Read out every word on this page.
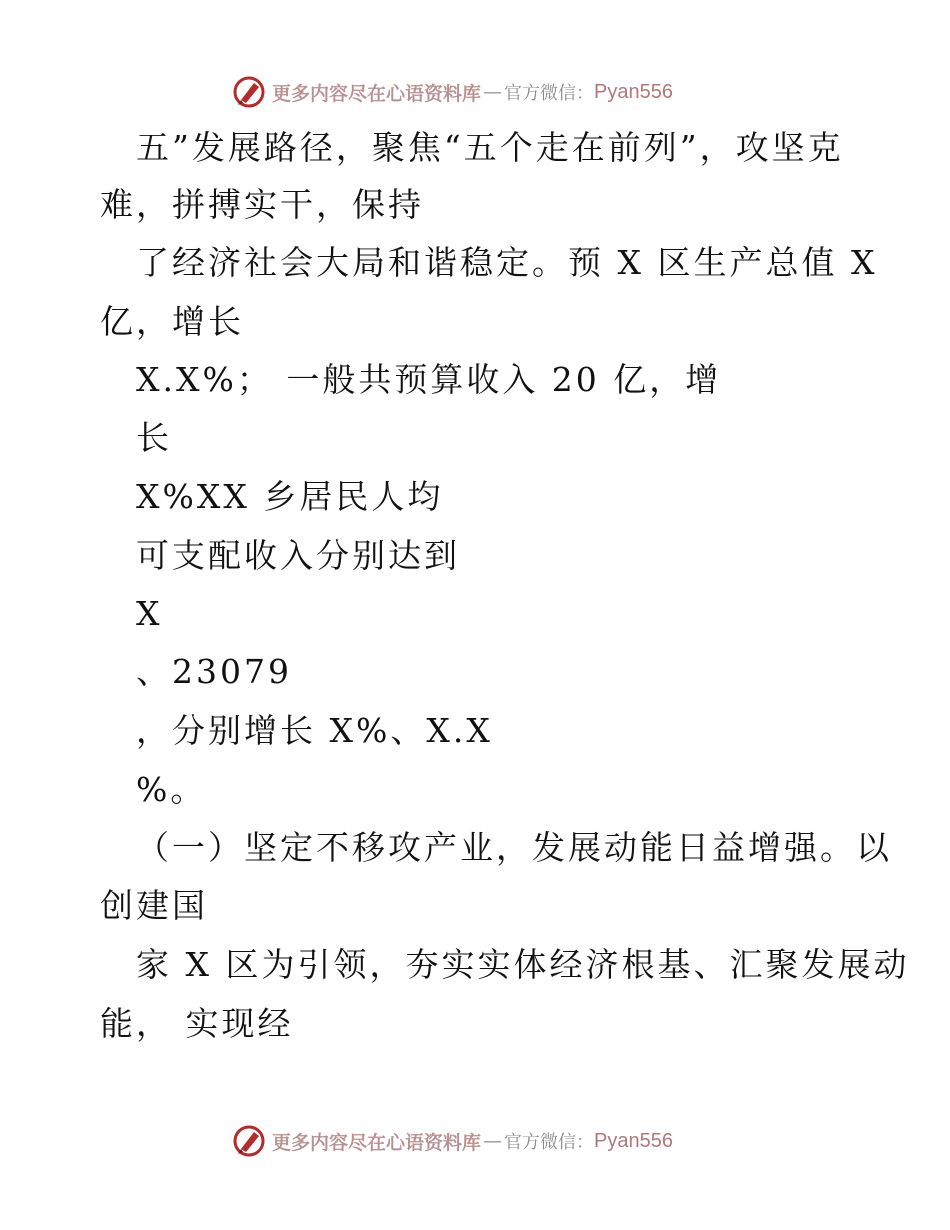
更多内容尽在心语资料库 — 官方微信： Pyan556
五”发展路径，聚焦“五个走在前列”，攻坚克
难，拼搏实干，保持
了经济社会大局和谐稳定。预 X 区生产总值 X
亿，增长
X.X%； 一般共预算收入 20 亿，增
长
X%XX 乡居民人均
可支配收入分别达到
X
、23079
，分别增长 X%、X.X
%。
（一）坚定不移攻产业，发展动能日益增强。以
创建国
家 X 区为引领，夯实实体经济根基、汇聚发展动
能， 实现经
更多内容尽在心语资料库 — 官方微信： Pyan556
